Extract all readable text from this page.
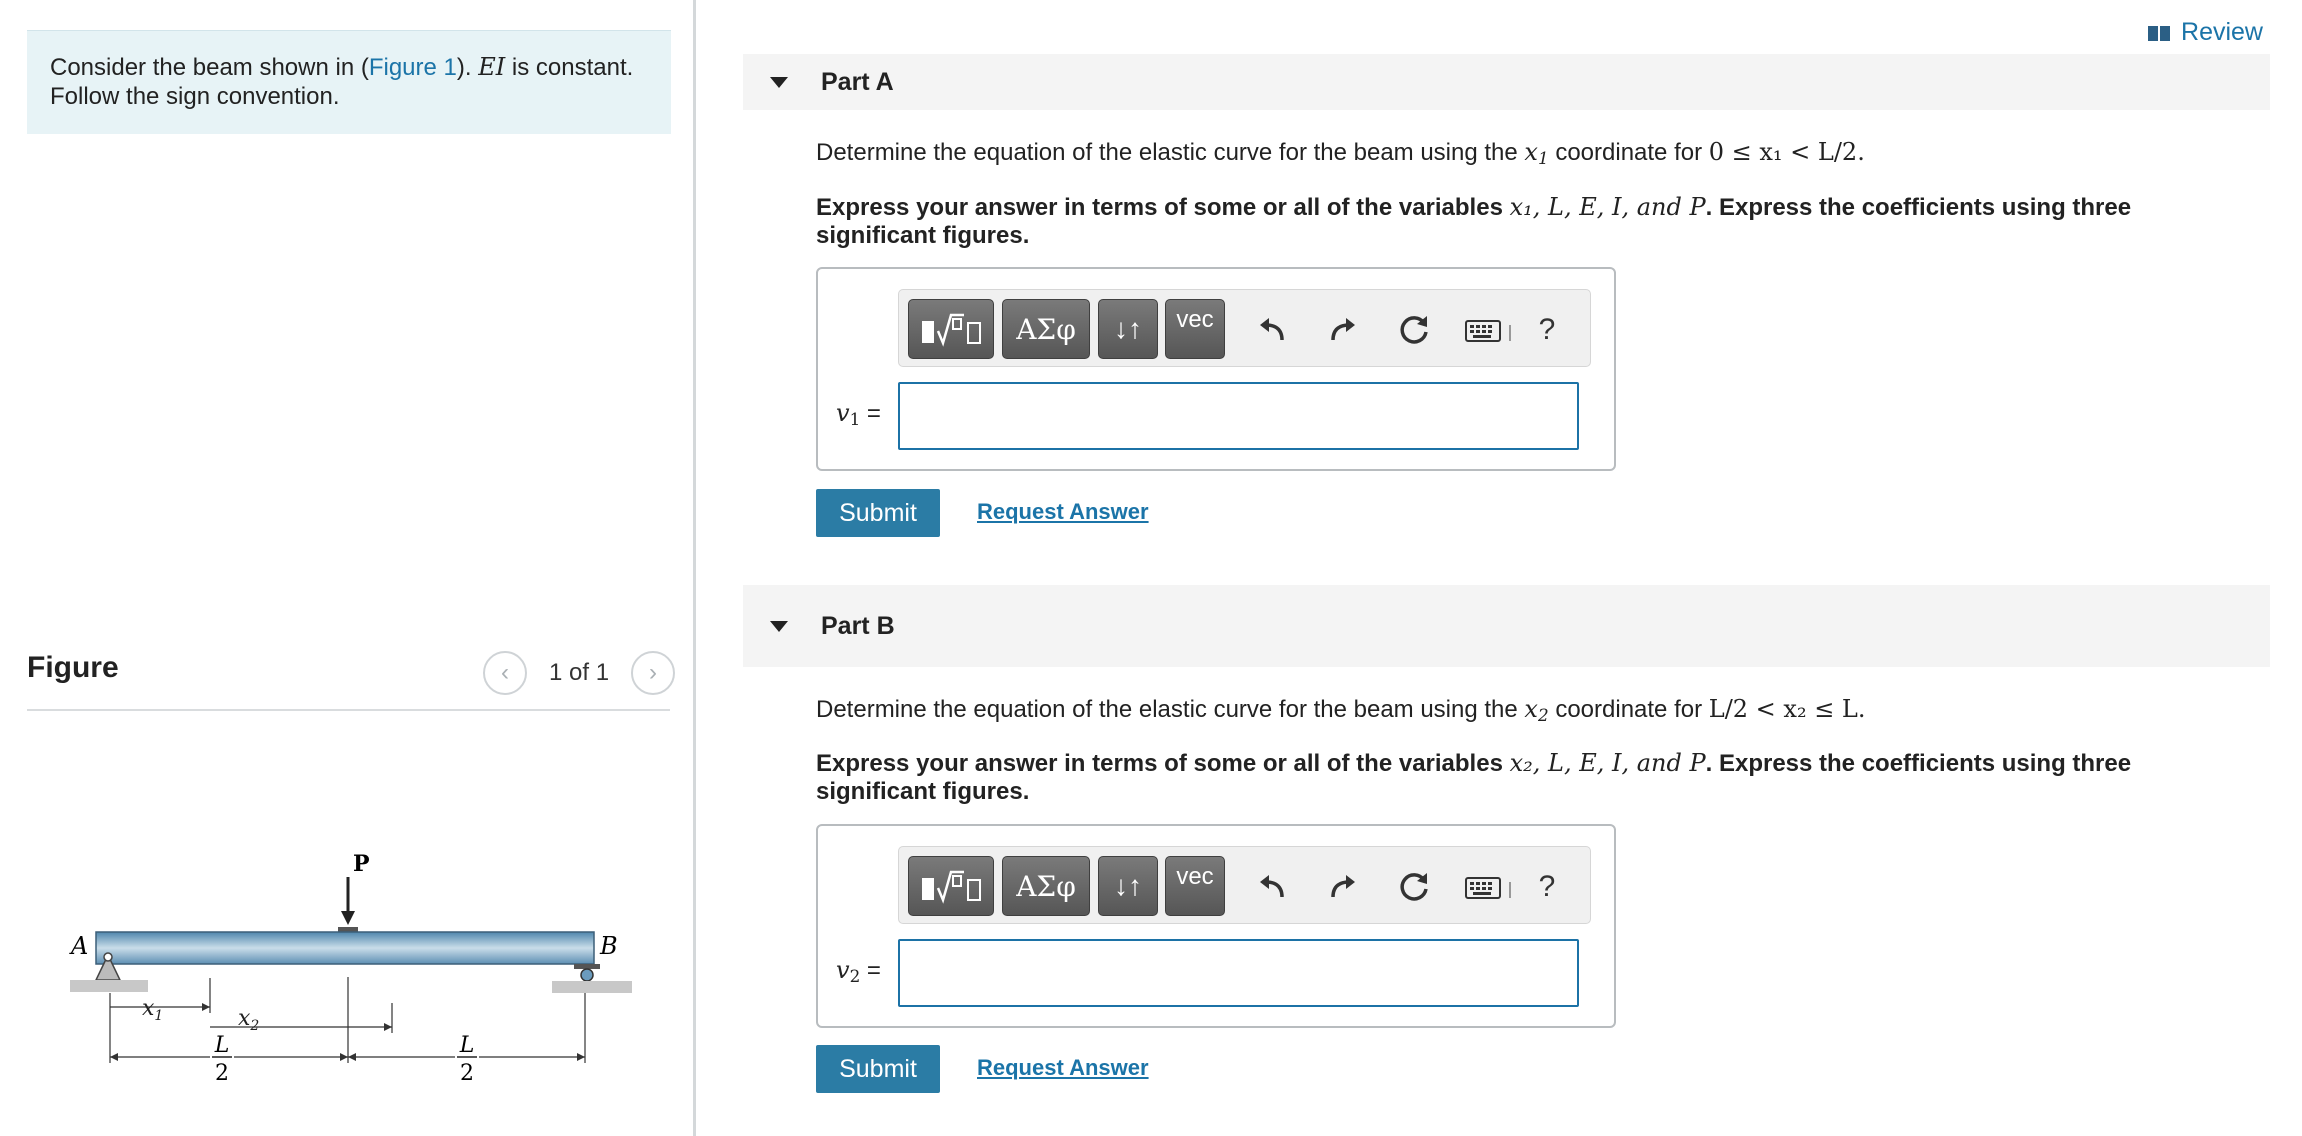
Consider the beam shown in (Figure 1). EI is constant. Follow the sign convention.
Figure	‹	1 of 1	›
P
A	B
$x_1$	$x_2$
L
2
L
2
Review
Part A
Determine the equation of the elastic curve for the beam using the $x_1$ coordinate for 0 ≤ x₁ < L/2.
Express your answer in terms of some or all of the variables x₁, L, E, I, and P. Express the coefficients using three significant figures.
ΑΣφ	↓↑	vec	?
$v_1$ =
Submit	Request Answer
Part B
Determine the equation of the elastic curve for the beam using the $x_2$ coordinate for L/2 < x₂ ≤ L.
Express your answer in terms of some or all of the variables x₂, L, E, I, and P. Express the coefficients using three significant figures.
ΑΣφ	↓↑	vec	?
$v_2$ =
Submit	Request Answer
